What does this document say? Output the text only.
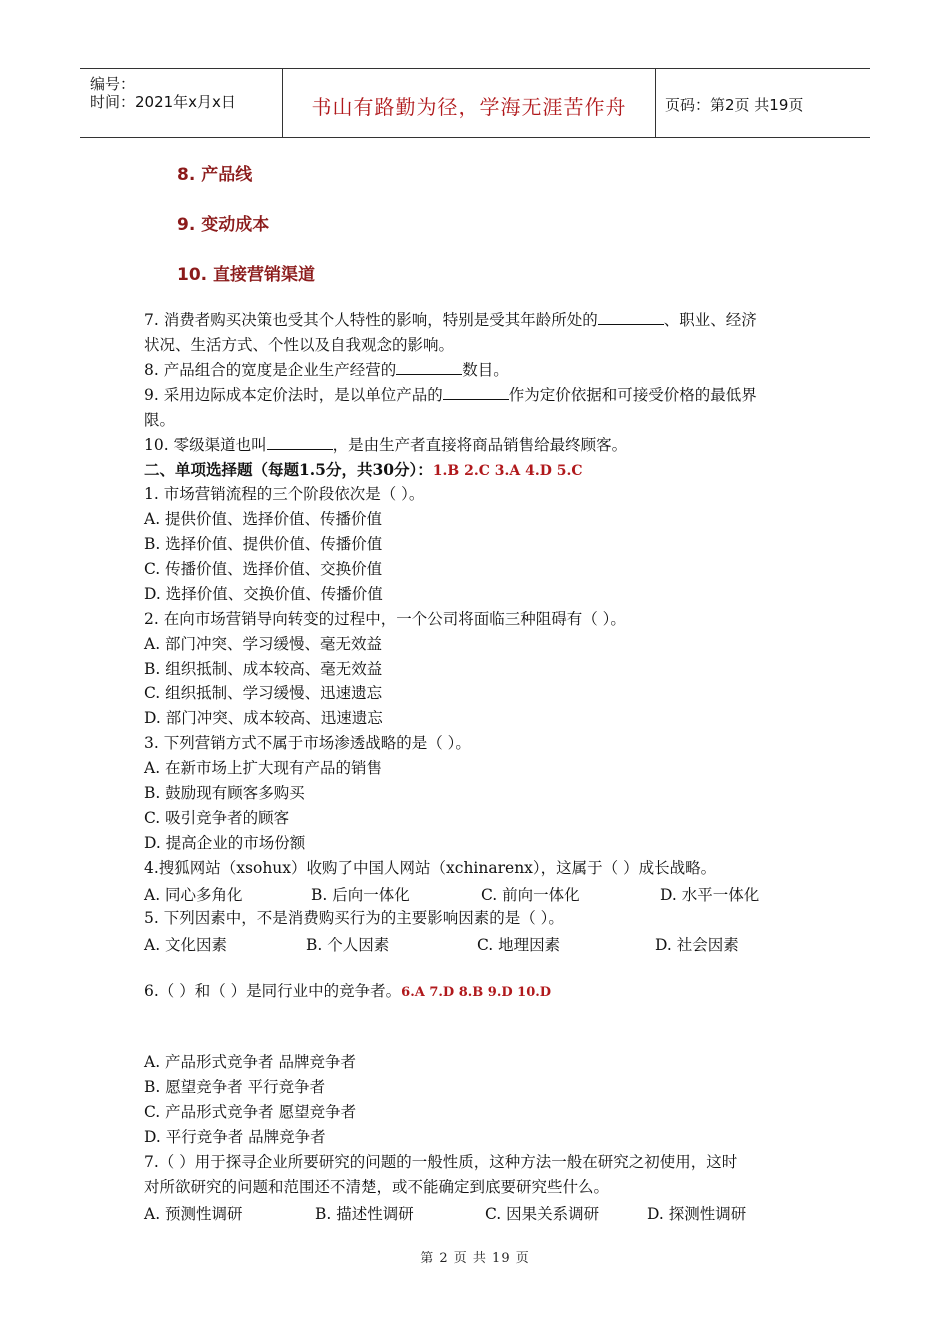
编号：
时间：2021年x月x日	书山有路勤为径，学海无涯苦作舟	页码：第2页 共19页
8. 产品线
9. 变动成本
10. 直接营销渠道
7. 消费者购买决策也受其个人特性的影响，特别是受其年龄所处的	、职业、经济
状况、生活方式、个性以及自我观念的影响。
8. 产品组合的宽度是企业生产经营的	数目。
9. 采用边际成本定价法时，是以单位产品的	作为定价依据和可接受价格的最低界
限。
10. 零级渠道也叫	，是由生产者直接将商品销售给最终顾客。
二、单项选择题（每题1.5分，共30分）：1.B 2.C 3.A 4.D 5.C
1. 市场营销流程的三个阶段依次是（ ）。
A. 提供价值、选择价值、传播价值
B. 选择价值、提供价值、传播价值
C. 传播价值、选择价值、交换价值
D. 选择价值、交换价值、传播价值
2. 在向市场营销导向转变的过程中，一个公司将面临三种阻碍有（ ）。
A. 部门冲突、学习缓慢、毫无效益
B. 组织抵制、成本较高、毫无效益
C. 组织抵制、学习缓慢、迅速遗忘
D. 部门冲突、成本较高、迅速遗忘
3. 下列营销方式不属于市场渗透战略的是（ ）。
A. 在新市场上扩大现有产品的销售
B. 鼓励现有顾客多购买
C. 吸引竞争者的顾客
D. 提高企业的市场份额
4.搜狐网站（xsohux）收购了中国人网站（xchinarenx），这属于（ ）成长战略。
A. 同心多角化	B. 后向一体化	C. 前向一体化	D. 水平一体化
5. 下列因素中，不是消费购买行为的主要影响因素的是（ ）。
A. 文化因素	B. 个人因素	C. 地理因素	D. 社会因素
6.（ ）和（ ）是同行业中的竞争者。6.A 7.D 8.B 9.D 10.D
A. 产品形式竞争者 品牌竞争者
B. 愿望竞争者 平行竞争者
C. 产品形式竞争者 愿望竞争者
D. 平行竞争者 品牌竞争者
7.（ ）用于探寻企业所要研究的问题的一般性质，这种方法一般在研究之初使用，这时
对所欲研究的问题和范围还不清楚，或不能确定到底要研究些什么。
A. 预测性调研	B. 描述性调研	C. 因果关系调研	D. 探测性调研
第 2 页 共 19 页
